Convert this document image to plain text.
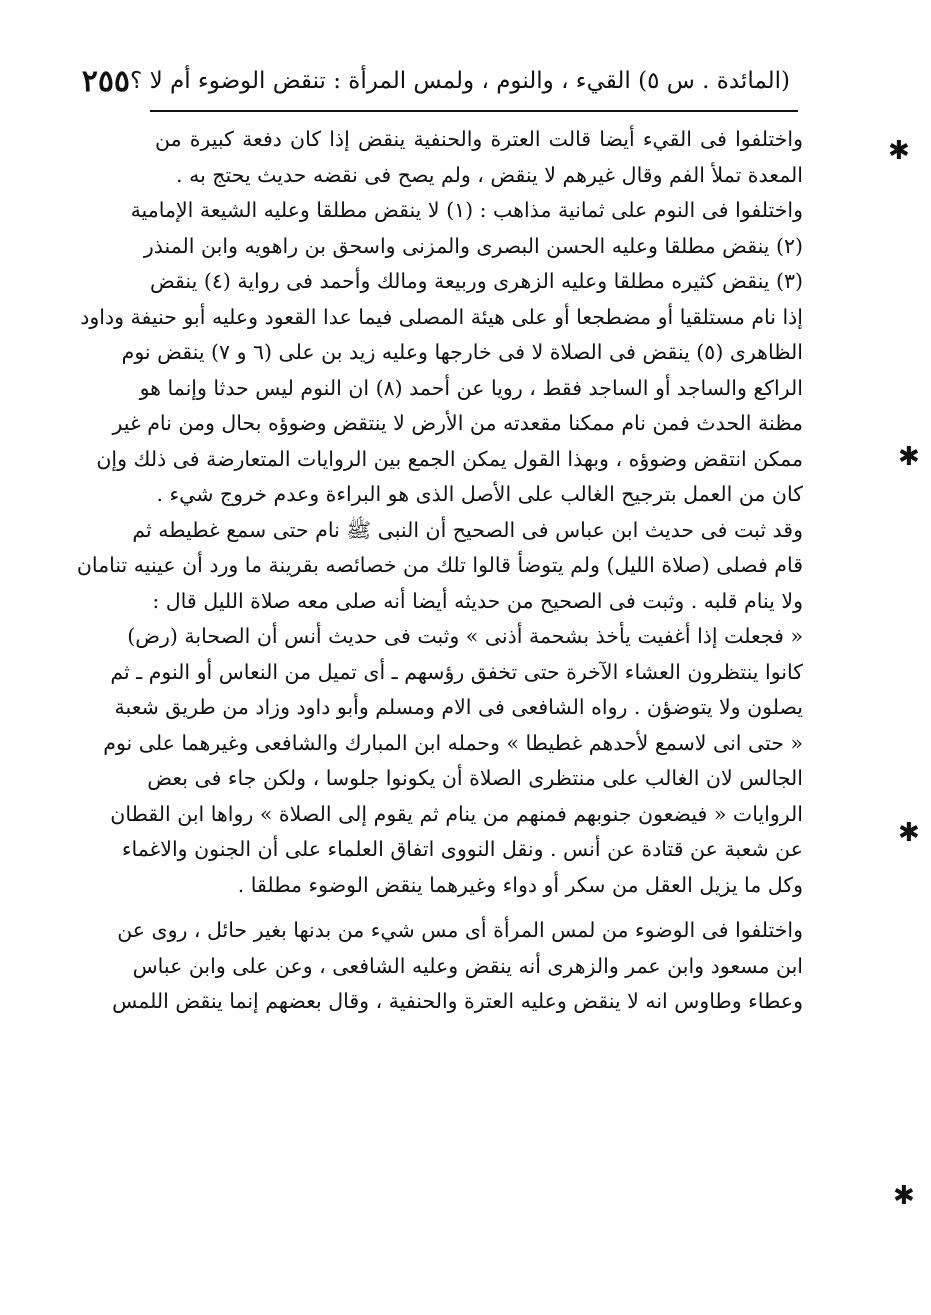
(المائدة . س ٥) القيء ، والنوم ، ولمس المرأة : تنقض الوضوء أم لا ؟
٢٥٥
واختلفوا فى القيء أيضا قالت العترة والحنفية ينقض إذا كان دفعة كبيرة من
المعدة تملأ الفم وقال غيرهم لا ينقض ، ولم يصح فى نقضه حديث يحتج به .
واختلفوا فى النوم على ثمانية مذاهب : (١) لا ينقض مطلقا وعليه الشيعة الإمامية
(٢) ينقض مطلقا وعليه الحسن البصرى والمزنى واسحق بن راهويه وابن المنذر
(٣) ينقض كثيره مطلقا وعليه الزهرى وربيعة ومالك وأحمد فى رواية (٤) ينقض
إذا نام مستلقيا أو مضطجعا أو على هيئة المصلى فيما عدا القعود وعليه أبو حنيفة وداود
الظاهرى (٥) ينقض فى الصلاة لا فى خارجها وعليه زيد بن على (٦ و ٧) ينقض نوم
الراكع والساجد أو الساجد فقط ، رويا عن أحمد (٨) ان النوم ليس حدثا وإنما هو
مظنة الحدث فمن نام ممكنا مقعدته من الأرض لا ينتقض وضوؤه بحال ومن نام غير
ممكن انتقض وضوؤه ، وبهذا القول يمكن الجمع بين الروايات المتعارضة فى ذلك وإن
كان من العمل بترجيح الغالب على الأصل الذى هو البراءة وعدم خروج شيء .
وقد ثبت فى حديث ابن عباس فى الصحيح أن النبى ﷺ نام حتى سمع غطيطه ثم
قام فصلى (صلاة الليل) ولم يتوضأ قالوا تلك من خصائصه بقرينة ما ورد أن عينيه تنامان
ولا ينام قلبه . وثبت فى الصحيح من حديثه أيضا أنه صلى معه صلاة الليل قال :
« فجعلت إذا أغفيت يأخذ بشحمة أذنى » وثبت فى حديث أنس أن الصحابة (رض)
كانوا ينتظرون العشاء الآخرة حتى تخفق رؤسهم ـ أى تميل من النعاس أو النوم ـ ثم
يصلون ولا يتوضؤن . رواه الشافعى فى الام ومسلم وأبو داود وزاد من طريق شعبة
« حتى انى لاسمع لأحدهم غطيطا » وحمله ابن المبارك والشافعى وغيرهما على نوم
الجالس لان الغالب على منتظرى الصلاة أن يكونوا جلوسا ، ولكن جاء فى بعض
الروايات « فيضعون جنوبهم فمنهم من ينام ثم يقوم إلى الصلاة » رواها ابن القطان
عن شعبة عن قتادة عن أنس . ونقل النووى اتفاق العلماء على أن الجنون والاغماء
وكل ما يزيل العقل من سكر أو دواء وغيرهما ينقض الوضوء مطلقا .
واختلفوا فى الوضوء من لمس المرأة أى مس شيء من بدنها بغير حائل ، روى عن
ابن مسعود وابن عمر والزهرى أنه ينقض وعليه الشافعى ، وعن على وابن عباس
وعطاء وطاوس انه لا ينقض وعليه العترة والحنفية ، وقال بعضهم إنما ينقض اللمس
✱
✱
✱
✱
